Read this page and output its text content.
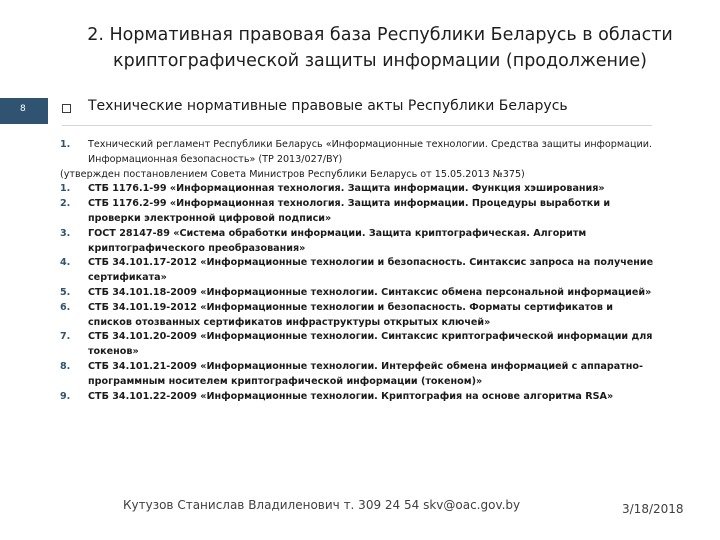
2. Нормативная правовая база Республики Беларусь в области
криптографической защиты информации (продолжение)
8	Технические нормативные правовые акты Республики Беларусь
1.	Технический регламент Республики Беларусь «Информационные технологии. Средства защиты информации. Информационная безопасность» (ТР 2013/027/ВY)
(утвержден постановлением Совета Министров Республики Беларусь от 15.05.2013 №375)
1.	СТБ 1176.1-99 «Информационная технология. Защита информации. Функция хэширования»
2.	СТБ 1176.2-99 «Информационная технология. Защита информации. Процедуры выработки и проверки электронной цифровой подписи»
3.	ГОСТ 28147-89 «Система обработки информации. Защита криптографическая. Алгоритм криптографического преобразования»
4.	СТБ 34.101.17-2012 «Информационные технологии и безопасность. Синтаксис запроса на получение сертификата»
5.	СТБ 34.101.18-2009 «Информационные технологии. Синтаксис обмена персональной информацией»
6.	СТБ 34.101.19-2012 «Информационные технологии и безопасность. Форматы сертификатов и списков отозванных сертификатов инфраструктуры открытых ключей»
7.	СТБ 34.101.20-2009 «Информационные технологии. Синтаксис криптографической информации для токенов»
8.	СТБ 34.101.21-2009 «Информационные технологии. Интерфейс обмена информацией с аппаратно-программным носителем криптографической информации (токеном)»
9.	СТБ 34.101.22-2009 «Информационные технологии. Криптография на основе алгоритма RSA»
Кутузов Станислав Владиленович т. 309 24 54 skv@oac.gov.by	3/18/2018
